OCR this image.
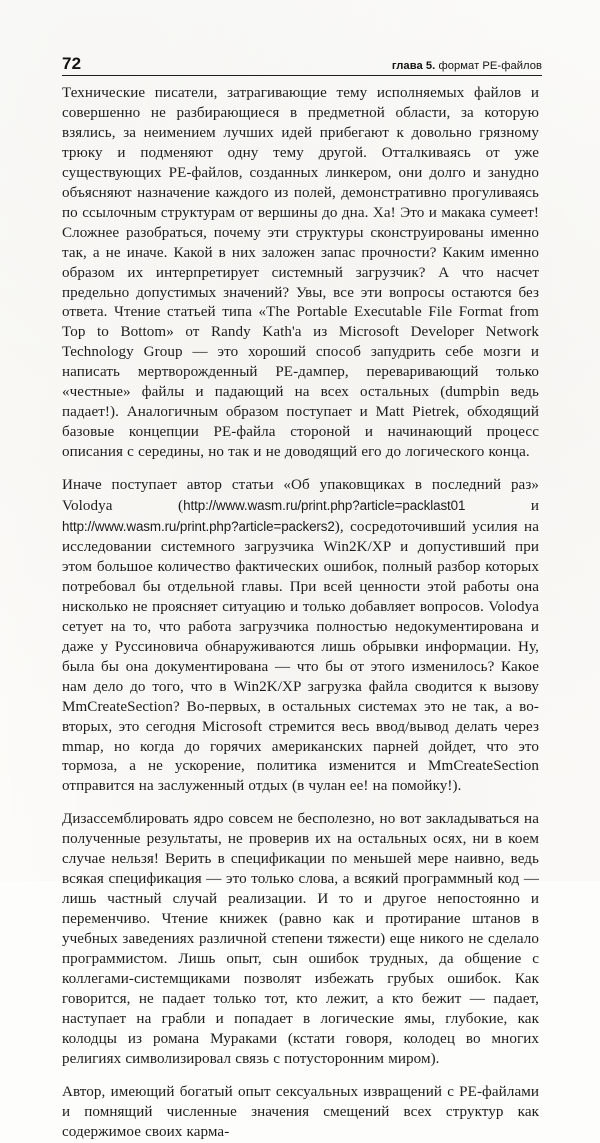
72	глава 5. формат PE-файлов

Технические писатели, затрагивающие тему исполняемых файлов и совершенно не разбирающиеся в предметной области, за которую взялись, за неимением лучших идей прибегают к довольно грязному трюку и подменяют одну тему другой. Отталкиваясь от уже существующих PE-файлов, созданных линкером, они долго и занудно объясняют назначение каждого из полей, демонстративно прогуливаясь по ссылочным структурам от вершины до дна. Ха! Это и макака сумеет! Сложнее разобраться, почему эти структуры сконструированы именно так, а не иначе. Какой в них заложен запас прочности? Каким именно образом их интерпретирует системный загрузчик? А что насчет предельно допустимых значений? Увы, все эти вопросы остаются без ответа. Чтение статьей типа «The Portable Executable File Format from Top to Bottom» от Randy Kath'а из Microsoft Developer Network Technology Group — это хороший способ запудрить себе мозги и написать мертворожденный PE-дампер, переваривающий только «честные» файлы и падающий на всех остальных (dumpbin ведь падает!). Аналогичным образом поступает и Matt Pietrek, обходящий базовые концепции PE-файла стороной и начинающий процесс описания с середины, но так и не доводящий его до логического конца.

Иначе поступает автор статьи «Об упаковщиках в последний раз» Volodya (http://www.wasm.ru/print.php?article=packlast01 и http://www.wasm.ru/print.php?article=packers2), сосредоточивший усилия на исследовании системного загрузчика Win2K/XP и допустивший при этом большое количество фактических ошибок, полный разбор которых потребовал бы отдельной главы. При всей ценности этой работы она нисколько не проясняет ситуацию и только добавляет вопросов. Volodya сетует на то, что работа загрузчика полностью недокументирована и даже у Руссиновича обнаруживаются лишь обрывки информации. Ну, была бы она документирована — что бы от этого изменилось? Какое нам дело до того, что в Win2K/XP загрузка файла сводится к вызову MmCreateSection? Во-первых, в остальных системах это не так, а во-вторых, это сегодня Microsoft стремится весь ввод/вывод делать через mmap, но когда до горячих американских парней дойдет, что это тормоза, а не ускорение, политика изменится и MmCreateSection отправится на заслуженный отдых (в чулан ее! на помойку!).

Дизассемблировать ядро совсем не бесполезно, но вот закладываться на полученные результаты, не проверив их на остальных осях, ни в коем случае нельзя! Верить в спецификации по меньшей мере наивно, ведь всякая спецификация — это только слова, а всякий программный код — лишь частный случай реализации. И то и другое непостоянно и переменчиво. Чтение книжек (равно как и протирание штанов в учебных заведениях различной степени тяжести) еще никого не сделало программистом. Лишь опыт, сын ошибок трудных, да общение с коллегами-системщиками позволят избежать грубых ошибок. Как говорится, не падает только тот, кто лежит, а кто бежит — падает, наступает на грабли и попадает в логические ямы, глубокие, как колодцы из романа Мураками (кстати говоря, колодец во многих религиях символизировал связь с потусторонним миром).

Автор, имеющий богатый опыт сексуальных извращений с PE-файлами и помнящий численные значения смещений всех структур как содержимое своих карма-
